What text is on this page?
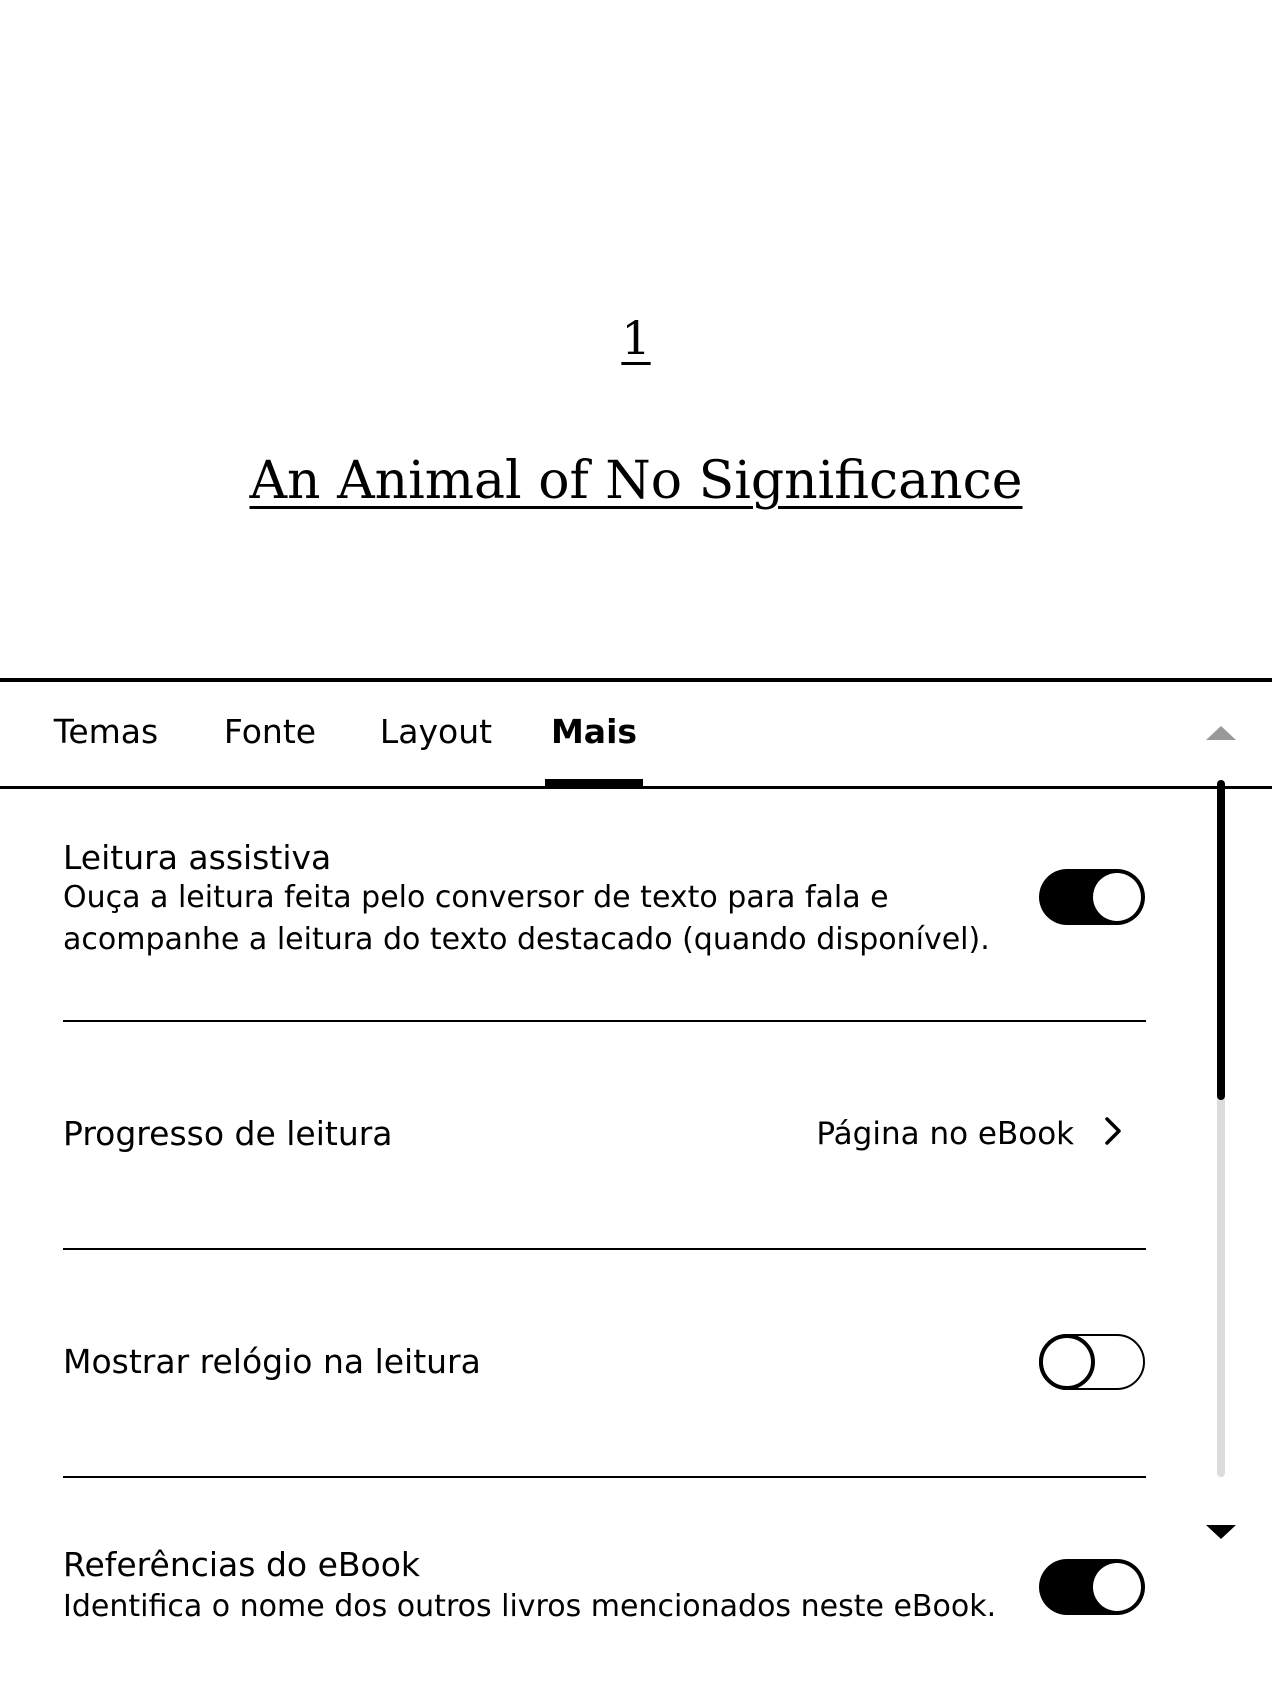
1
An Animal of No Significance
Temas	Fonte	Layout	Mais
Leitura assistiva
Ouça a leitura feita pelo conversor de texto para fala e acompanhe a leitura do texto destacado (quando disponível).
Progresso de leitura	Página no eBook
Mostrar relógio na leitura
Referências do eBook
Identifica o nome dos outros livros mencionados neste eBook.
